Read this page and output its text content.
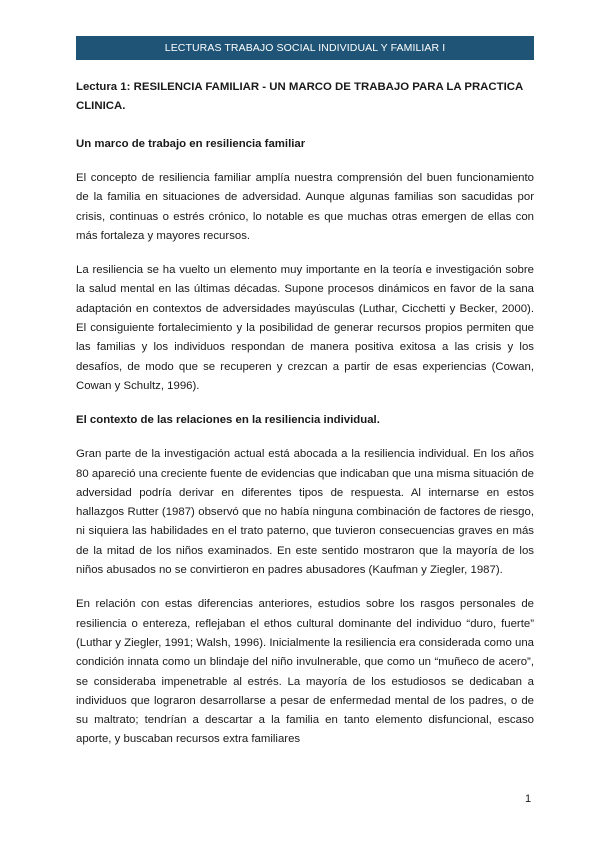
LECTURAS TRABAJO SOCIAL INDIVIDUAL Y FAMILIAR I
Lectura 1: RESILENCIA FAMILIAR - UN MARCO DE TRABAJO PARA LA PRACTICA CLINICA.
Un marco de trabajo en resiliencia familiar

El concepto de resiliencia familiar amplía nuestra comprensión del buen funcionamiento de la familia en situaciones de adversidad. Aunque algunas familias son sacudidas por crisis, continuas o estrés crónico, lo notable es que muchas otras emergen de ellas con más fortaleza y mayores recursos.

La resiliencia se ha vuelto un elemento muy importante en la teoría e investigación sobre la salud mental en las últimas décadas. Supone procesos dinámicos en favor de la sana adaptación en contextos de adversidades mayúsculas (Luthar, Cicchetti y Becker, 2000). El consiguiente fortalecimiento y la posibilidad de generar recursos propios permiten que las familias y los individuos respondan de manera positiva exitosa a las crisis y los desafíos, de modo que se recuperen y crezcan a partir de esas experiencias (Cowan, Cowan y Schultz, 1996).

El contexto de las relaciones en la resiliencia individual.

Gran parte de la investigación actual está abocada a la resiliencia individual. En los años 80 apareció una creciente fuente de evidencias que indicaban que una misma situación de adversidad podría derivar en diferentes tipos de respuesta. Al internarse en estos hallazgos Rutter (1987) observó que no había ninguna combinación de factores de riesgo, ni siquiera las habilidades en el trato paterno, que tuvieron consecuencias graves en más de la mitad de los niños examinados. En este sentido mostraron que la mayoría de los niños abusados no se convirtieron en padres abusadores (Kaufman y Ziegler, 1987).

En relación con estas diferencias anteriores, estudios sobre los rasgos personales de resiliencia o entereza, reflejaban el ethos cultural dominante del individuo “duro, fuerte” (Luthar y Ziegler, 1991; Walsh, 1996). Inicialmente la resiliencia era considerada como una condición innata como un blindaje del niño invulnerable, que como un “muñeco de acero”, se consideraba impenetrable al estrés. La mayoría de los estudiosos se dedicaban a individuos que lograron desarrollarse a pesar de enfermedad mental de los padres, o de su maltrato; tendrían a descartar a la familia en tanto elemento disfuncional, escaso aporte, y buscaban recursos extra familiares

1
